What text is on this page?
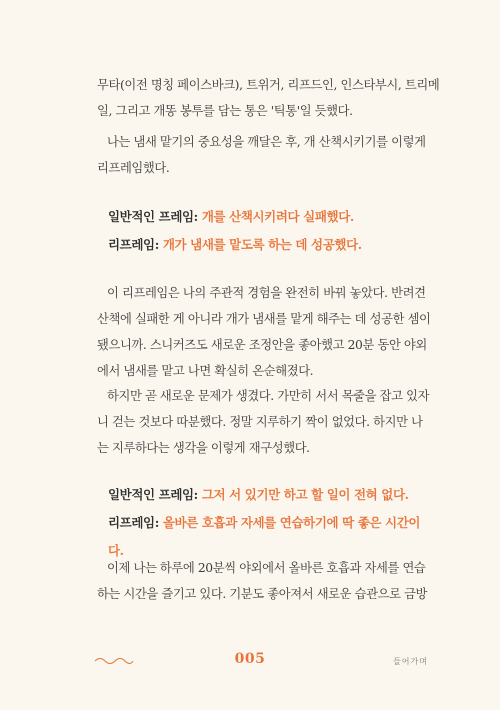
무타(이전 명칭 페이스바크), 트위거, 리프드인, 인스타부시, 트리메
일, 그리고 개똥 봉투를 담는 통은 '틱통'일 듯했다.

나는 냄새 맡기의 중요성을 깨달은 후, 개 산책시키기를 이렇게
리프레임했다.

일반적인 프레임: 개를 산책시키려다 실패했다.
리프레임: 개가 냄새를 맡도록 하는 데 성공했다.

이 리프레임은 나의 주관적 경험을 완전히 바꿔 놓았다. 반려견
산책에 실패한 게 아니라 개가 냄새를 맡게 해주는 데 성공한 셈이
됐으니까. 스니커즈도 새로운 조정안을 좋아했고 20분 동안 야외
에서 냄새를 맡고 나면 확실히 온순해졌다.

하지만 곧 새로운 문제가 생겼다. 가만히 서서 목줄을 잡고 있자
니 걷는 것보다 따분했다. 정말 지루하기 짝이 없었다. 하지만 나
는 지루하다는 생각을 이렇게 재구성했다.

일반적인 프레임: 그저 서 있기만 하고 할 일이 전혀 없다.
리프레임: 올바른 호흡과 자세를 연습하기에 딱 좋은 시간이다.

이제 나는 하루에 20분씩 야외에서 올바른 호흡과 자세를 연습
하는 시간을 즐기고 있다. 기분도 좋아져서 새로운 습관으로 금방

005	들어가며
